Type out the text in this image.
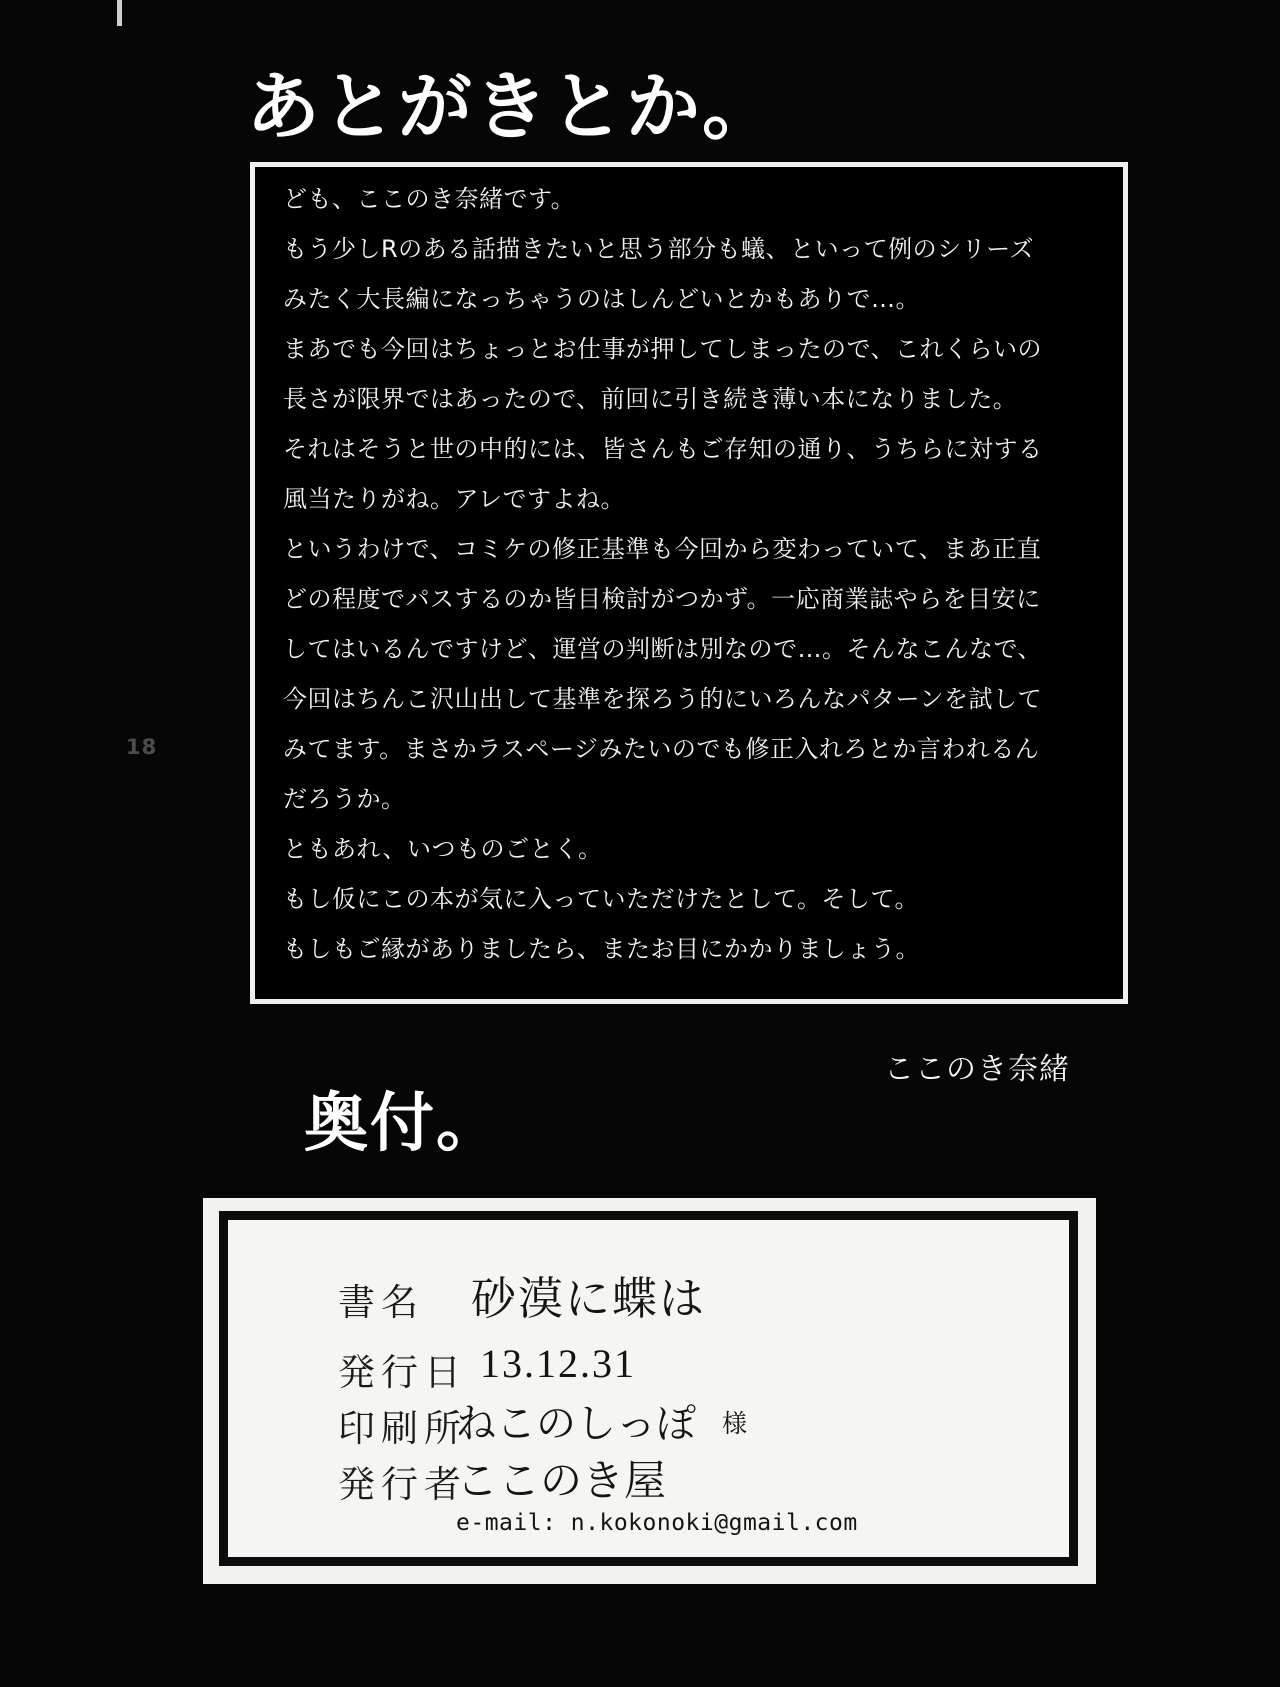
18
あとがきとか。

ども、ここのき奈緒です。

もう少しRのある話描きたいと思う部分も蟻、といって例のシリーズ

みたく大長編になっちゃうのはしんどいとかもありで…。

まあでも今回はちょっとお仕事が押してしまったので、これくらいの

長さが限界ではあったので、前回に引き続き薄い本になりました。

それはそうと世の中的には、皆さんもご存知の通り、うちらに対する

風当たりがね。アレですよね。

というわけで、コミケの修正基準も今回から変わっていて、まあ正直

どの程度でパスするのか皆目検討がつかず。一応商業誌やらを目安に

してはいるんですけど、運営の判断は別なので…。そんなこんなで、

今回はちんこ沢山出して基準を探ろう的にいろんなパターンを試して

みてます。まさかラスページみたいのでも修正入れろとか言われるん

だろうか。

ともあれ、いつものごとく。

もし仮にこの本が気に入っていただけたとして。そして。

もしもご縁がありましたら、またお目にかかりましょう。

ここのき奈緒
奥付。
書名 砂漠に蝶は
発行日 13.12.31
印刷所
ねこのしっぽ 様
発行者
ここのき屋
e-mail: n.kokonoki@gmail.com
